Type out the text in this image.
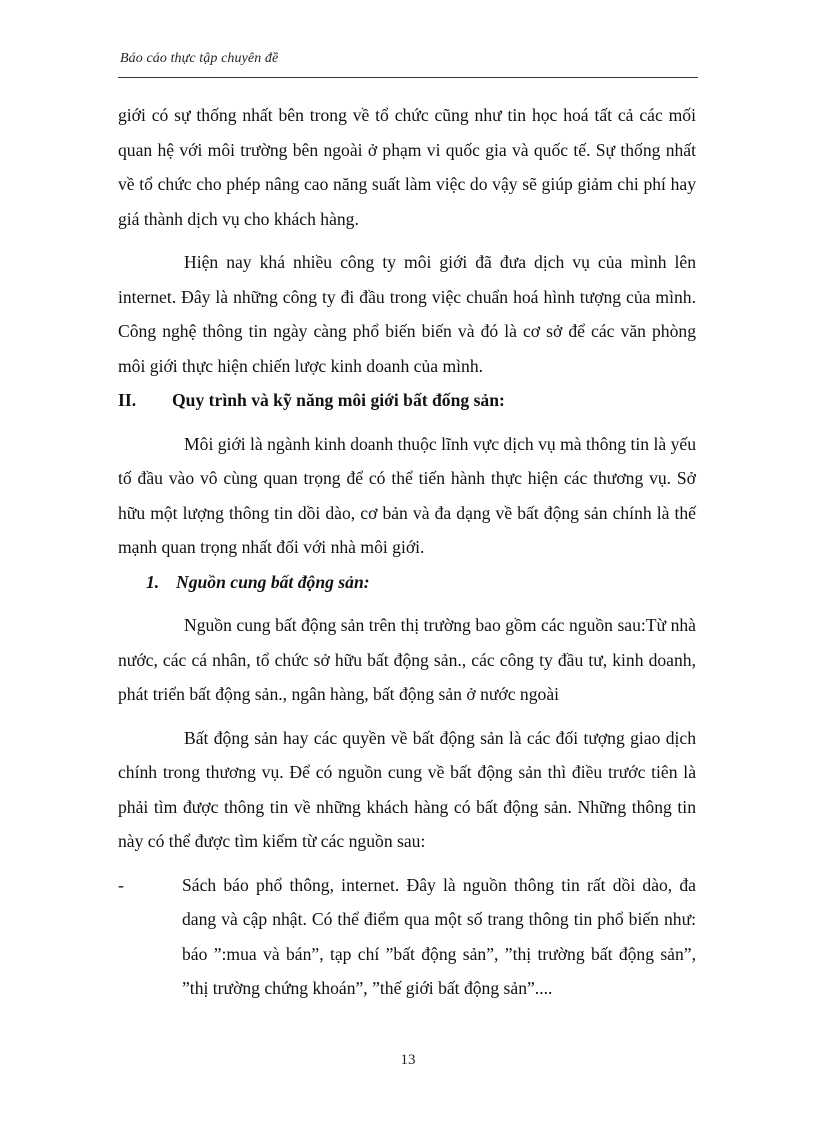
Báo cáo thực tập chuyên đề

giới có sự thống nhất bên trong về tổ chức cũng như tin học hoá tất cả các mối quan hệ với môi trường bên ngoài ở phạm vi quốc gia và quốc tế. Sự thống nhất về tổ chức cho phép nâng cao năng suất làm việc do vậy sẽ giúp giảm chi phí hay giá thành dịch vụ cho khách hàng.

Hiện nay khá nhiều công ty môi giới đã đưa dịch vụ của mình lên internet. Đây là những công ty đi đầu trong việc chuẩn hoá hình tượng của mình. Công nghệ thông tin ngày càng phổ biến biến và đó là cơ sở để các văn phòng môi giới thực hiện chiến lược kinh doanh của mình.

II.	Quy trình và kỹ năng môi giới bất đống sản:

Môi giới là ngành kinh doanh thuộc lĩnh vực dịch vụ mà thông tin là yếu tố đầu vào vô cùng quan trọng để có thể tiến hành thực hiện các thương vụ. Sở hữu một lượng thông tin dồi dào, cơ bản và đa dạng về bất động sản chính là thế mạnh quan trọng nhất đối với nhà môi giới.

1. Nguồn cung bất động sản:

Nguồn cung bất động sản trên thị trường bao gồm các nguồn sau:Từ nhà nước, các cá nhân, tổ chức sở hữu bất động sản., các công ty đầu tư, kinh doanh, phát triển bất động sản., ngân hàng, bất động sản ở nước ngoài

Bất động sản hay các quyền về bất động sản là các đối tượng giao dịch chính trong thương vụ. Để có nguồn cung về bất động sản thì điều trước tiên là phải tìm được thông tin về những khách hàng có bất động sản. Những thông tin này có thể được tìm kiếm từ các nguồn sau:

-	Sách báo phổ thông, internet. Đây là nguồn thông tin rất dồi dào, đa dang và cập nhật. Có thể điểm qua một số trang thông tin phổ biến như: báo ”:mua và bán”, tạp chí ”bất động sản”, ”thị trường bất động sản”, ”thị trường chứng khoán”, ”thế giới bất động sản”....
13
